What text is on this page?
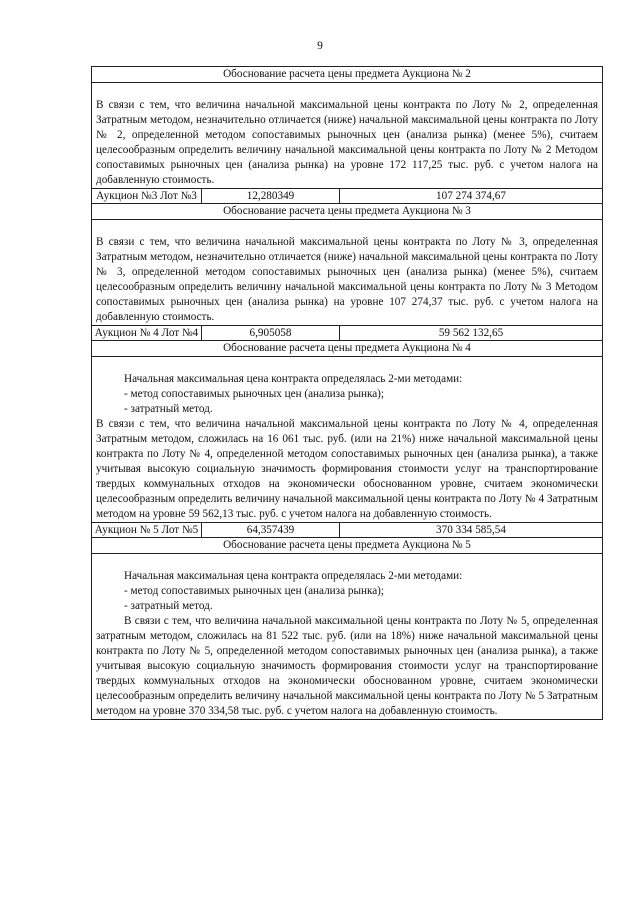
9
Обоснование расчета цены предмета Аукциона № 2		

В связи с тем, что величина начальной максимальной цены контракта по Лоту № 2, определенная Затратным методом, незначительно отличается (ниже) начальной максимальной цены контракта по Лоту № 2, определенной методом сопоставимых рыночных цен (анализа рынка) (менее 5%), считаем целесообразным определить величину начальной максимальной цены контракта по Лоту № 2 Методом сопоставимых рыночных цен (анализа рынка) на уровне 172 117,25 тыс. руб. с учетом налога на добавленную стоимость.		

Аукцион №3 Лот №3	12,280349	107 274 374,67
Обоснование расчета цены предмета Аукциона № 3		

В связи с тем, что величина начальной максимальной цены контракта по Лоту № 3, определенная Затратным методом, незначительно отличается (ниже) начальной максимальной цены контракта по Лоту № 3, определенной методом сопоставимых рыночных цен (анализа рынка) (менее 5%), считаем целесообразным определить величину начальной максимальной цены контракта по Лоту № 3 Методом сопоставимых рыночных цен (анализа рынка) на уровне 107 274,37 тыс. руб. с учетом налога на добавленную стоимость.		

Аукцион № 4 Лот №4	6,905058	59 562 132,65
Обоснование расчета цены предмета Аукциона № 4		

Начальная максимальная цена контракта определялась 2-ми методами:

- метод сопоставимых рыночных цен (анализа рынка);

- затратный метод.

В связи с тем, что величина начальной максимальной цены контракта по Лоту № 4, определенная Затратным методом, сложилась на 16 061 тыс. руб. (или на 21%) ниже начальной максимальной цены контракта по Лоту № 4, определенной методом сопоставимых рыночных цен (анализа рынка), а также учитывая высокую социальную значимость формирования стоимости услуг на транспортирование твердых коммунальных отходов на экономически обоснованном уровне, считаем экономически целесообразным определить величину начальной максимальной цены контракта по Лоту № 4 Затратным методом на уровне 59 562,13 тыс. руб. с учетом налога на добавленную стоимость.		

Аукцион № 5 Лот №5	64,357439	370 334 585,54
Обоснование расчета цены предмета Аукциона № 5		

Начальная максимальная цена контракта определялась 2-ми методами:

- метод сопоставимых рыночных цен (анализа рынка);

- затратный метод.

В связи с тем, что величина начальной максимальной цены контракта по Лоту № 5, определенная затратным методом, сложилась на 81 522 тыс. руб. (или на 18%) ниже начальной максимальной цены контракта по Лоту № 5, определенной методом сопоставимых рыночных цен (анализа рынка), а также учитывая высокую социальную значимость формирования стоимости услуг на транспортирование твердых коммунальных отходов на экономически обоснованном уровне, считаем экономически целесообразным определить величину начальной максимальной цены контракта по Лоту № 5 Затратным методом на уровне 370 334,58 тыс. руб. с учетом налога на добавленную стоимость.		
